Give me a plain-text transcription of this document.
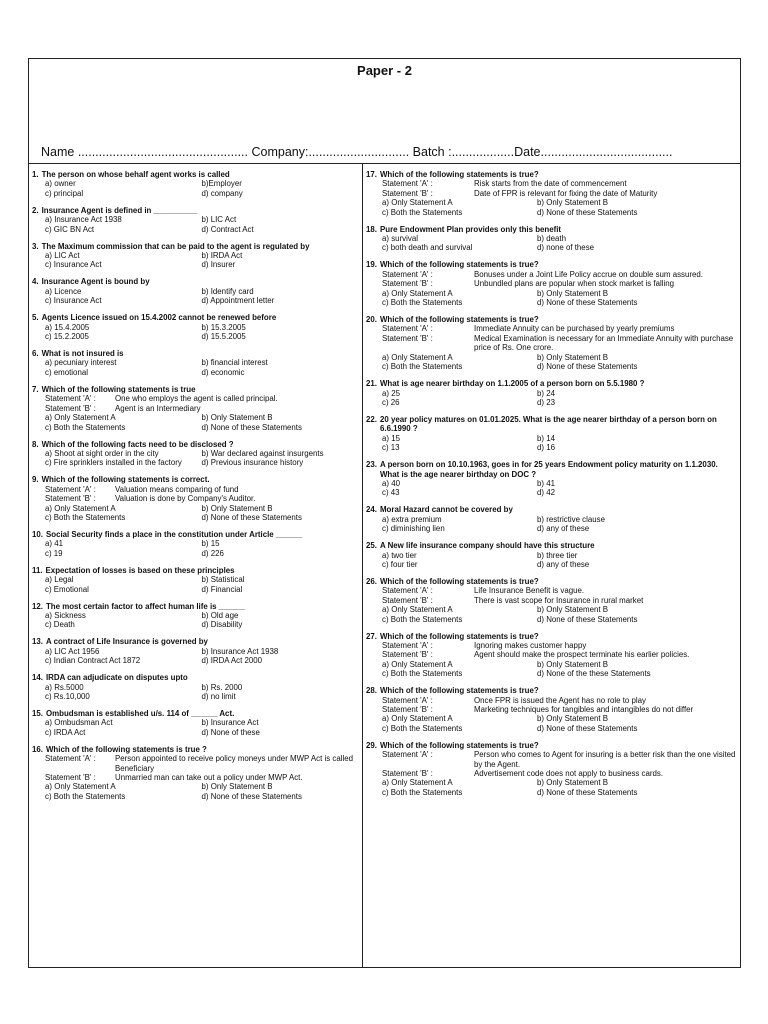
Paper - 2
Name ................................................. Company:............................. Batch :..................Date......................................
1. The person on whose behalf agent works is called
a) owner	b)Employer
c) principal	d) company
2. Insurance Agent is defined in __________
a) Insurance Act 1938	b) LIC Act
c) GIC BN Act	d) Contract Act
3. The Maximum commission that can be paid to the agent is regulated by
a) LIC Act	b) IRDA Act
c) Insurance Act	d) Insurer
4. Insurance Agent is bound by
a) Licence	b) Identify card
c) Insurance Act	d) Appointment letter
5. Agents Licence issued on 15.4.2002 cannot be renewed before
a) 15.4.2005	b) 15.3.2005
c) 15.2.2005	d) 15.5.2005
6. What is not insured is
a) pecuniary interest	b) financial interest
c) emotional	d) economic
7. Which of the following statements is true
Statement 'A' :	One who employs the agent is called principal.
Statement 'B' :	Agent is an Intermediary
a) Only Statement A	b) Only Statement B
c) Both the Statements	d) None of these Statements
8. Which of the following facts need to be disclosed ?
a) Shoot at sight order in the city	b) War declared against insurgents
c) Fire sprinklers installed in the factory	d) Previous insurance history
9. Which of the following statements is correct.
Statement 'A' :	Valuation means comparing of fund
Statement 'B' :	Valuation is done by Company's Auditor.
a) Only Statement A	b) Only Statement B
c) Both the Statements	d) None of these Statements
10. Social Security finds a place in the constitution under Article ______
a) 41	b) 15
c) 19	d) 226
11. Expectation of losses is based on these principles
a) Legal	b) Statistical
c) Emotional	d) Financial
12. The most certain factor to affect human life is ______
a) Sickness	b) Old age
c) Death	d) Disability
13. A contract of Life Insurance is governed by
a) LIC Act 1956	b) Insurance Act 1938
c) Indian Contract Act 1872	d) IRDA Act 2000
14. IRDA can adjudicate on disputes upto
a) Rs.5000	b) Rs. 2000
c) Rs.10,000	d) no limit
15. Ombudsman is established u/s. 114 of ______ Act.
a) Ombudsman Act	b) Insurance Act
c) IRDA Act	d) None of these
16. Which of the following statements is true ?
Statement 'A' :	Person appointed to receive policy moneys under MWP Act is called Beneficiary
Statement 'B' :	Unmarried man can take out a policy under MWP Act.
a) Only Statement A	b) Only Statement B
c) Both the Statements	d) None of these Statements
17. Which of the following statements is true?
Statement 'A' :	Risk starts from the date of commencement
Statement 'B' :	Date of FPR is relevant for fixing the date of Maturity
a) Only Statement A	b) Only Statement B
c) Both the Statements	d) None of these Statements
18. Pure Endowment Plan provides only this benefit
a) survival	b) death
c) both death and survival	d) none of these
19. Which of the following statements is true?
Statement 'A' :	Bonuses under a Joint Life Policy accrue on double sum assured.
Statement 'B' :	Unbundled plans are popular when stock market is falling
a) Only Statement A	b) Only Statement B
c) Both the Statements	d) None of these Statements
20. Which of the following statements is true?
Statement 'A' :	Immediate Annuity can be purchased by yearly premiums
Statement 'B' :	Medical Examination is necessary for an Immediate Annuity with purchase price of Rs. One crore.
a) Only Statement A	b) Only Statement B
c) Both the Statements	d) None of these Statements
21. What is age nearer birthday on 1.1.2005 of a person born on 5.5.1980 ?
a) 25	b) 24
c) 26	d) 23
22. 20 year policy matures on 01.01.2025. What is the age nearer birthday of a person born on 6.6.1990 ?
a) 15	b) 14
c) 13	d) 16
23. A person born on 10.10.1963, goes in for 25 years Endowment policy maturity on 1.1.2030. What is the age nearer birthday on DOC ?
a) 40	b) 41
c) 43	d) 42
24. Moral Hazard cannot be covered by
a) extra premium	b) restrictive clause
c) diminishing lien	d) any of these
25. A New life insurance company should have this structure
a) two tier	b) three tier
c) four tier	d) any of these
26. Which of the following statements is true?
Statement 'A' :	Life Insurance Benefit is vague.
Statement 'B' :	There is vast scope for Insurance in rural market
a) Only Statement A	b) Only Statement B
c) Both the Statements	d) None of these Statements
27. Which of the following statements is true?
Statement 'A' :	Ignoring makes customer happy
Statement 'B' :	Agent should make the prospect terminate his earlier policies.
a) Only Statement A	b) Only Statement B
c) Both the Statements	d) None of the these Statements
28. Which of the following statements is true?
Statement 'A' :	Once FPR is issued the Agent has no role to play
Statement 'B' :	Marketing techniques for tangibles and intangibles do not differ
a) Only Statement A	b) Only Statement B
c) Both the Statements	d) None of these Statements
29. Which of the following statements is true?
Statement 'A' :	Person who comes to Agent for insuring is a better risk than the one visited by the Agent.
Statement 'B' :	Advertisement code does not apply to business cards.
a) Only Statement A	b) Only Statement B
c) Both the Statements	d) None of these Statements
